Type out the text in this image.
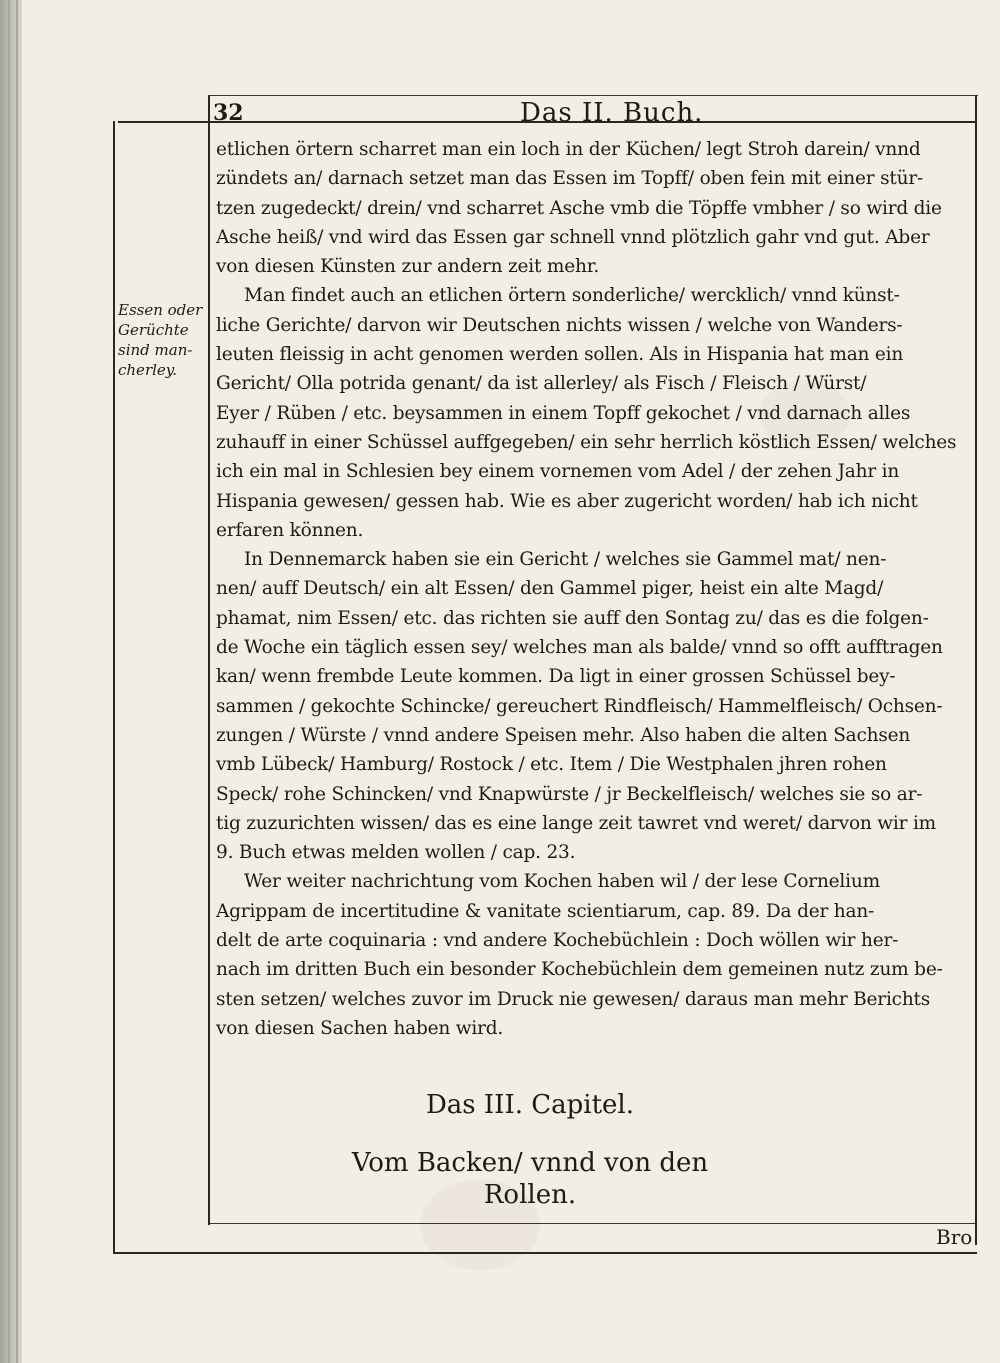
32	Das II. Buch.
Essen oder
Gerüchte
sind man-
cherley.
etlichen örtern scharret man ein loch in der Küchen/ legt Stroh darein/ vnnd
zündets an/ darnach setzet man das Essen im Topff/ oben fein mit einer stür-
tzen zugedeckt/ drein/ vnd scharret Asche vmb die Töpffe vmbher / so wird die
Asche heiß/ vnd wird das Essen gar schnell vnnd plötzlich gahr vnd gut. Aber
von diesen Künsten zur andern zeit mehr.
Man findet auch an etlichen örtern sonderliche/ wercklich/ vnnd künst-
liche Gerichte/ darvon wir Deutschen nichts wissen / welche von Wanders-
leuten fleissig in acht genomen werden sollen. Als in Hispania hat man ein
Gericht/ Olla potrida genant/ da ist allerley/ als Fisch / Fleisch / Würst/
Eyer / Rüben / etc. beysammen in einem Topff gekochet / vnd darnach alles
zuhauff in einer Schüssel auffgegeben/ ein sehr herrlich köstlich Essen/ welches
ich ein mal in Schlesien bey einem vornemen vom Adel / der zehen Jahr in
Hispania gewesen/ gessen hab. Wie es aber zugericht worden/ hab ich nicht
erfaren können.
In Dennemarck haben sie ein Gericht / welches sie Gammel mat/ nen-
nen/ auff Deutsch/ ein alt Essen/ den Gammel piger, heist ein alte Magd/
phamat, nim Essen/ etc. das richten sie auff den Sontag zu/ das es die folgen-
de Woche ein täglich essen sey/ welches man als balde/ vnnd so offt aufftragen
kan/ wenn frembde Leute kommen. Da ligt in einer grossen Schüssel bey-
sammen / gekochte Schincke/ gereuchert Rindfleisch/ Hammelfleisch/ Ochsen-
zungen / Würste / vnnd andere Speisen mehr. Also haben die alten Sachsen
vmb Lübeck/ Hamburg/ Rostock / etc. Item / Die Westphalen jhren rohen
Speck/ rohe Schincken/ vnd Knapwürste / jr Beckelfleisch/ welches sie so ar-
tig zuzurichten wissen/ das es eine lange zeit tawret vnd weret/ darvon wir im
9. Buch etwas melden wollen / cap. 23.
Wer weiter nachrichtung vom Kochen haben wil / der lese Cornelium
Agrippam de incertitudine & vanitate scientiarum, cap. 89. Da der han-
delt de arte coquinaria : vnd andere Kochebüchlein : Doch wöllen wir her-
nach im dritten Buch ein besonder Kochebüchlein dem gemeinen nutz zum be-
sten setzen/ welches zuvor im Druck nie gewesen/ daraus man mehr Berichts
von diesen Sachen haben wird.
Das III. Capitel.
Vom Backen/ vnnd von den
Rollen.
Bro
